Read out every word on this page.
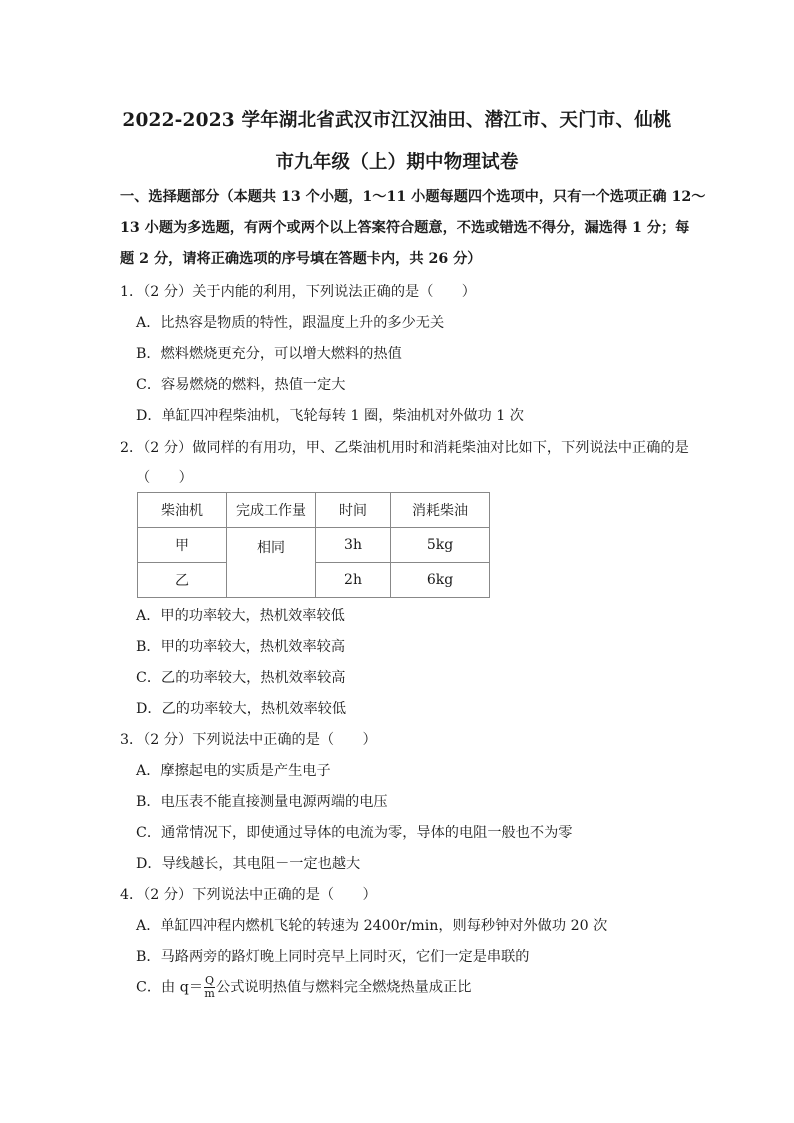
2022-2023 学年湖北省武汉市江汉油田、潜江市、天门市、仙桃
市九年级（上）期中物理试卷
一、选择题部分（本题共 13 个小题，1～11 小题每题四个选项中，只有一个选项正确 12～
13 小题为多选题，有两个或两个以上答案符合题意，不选或错选不得分，漏选得 1 分；每
题 2 分，请将正确选项的序号填在答题卡内，共 26 分）
1．（2 分）关于内能的利用，下列说法正确的是（　　）
A．比热容是物质的特性，跟温度上升的多少无关
B．燃料燃烧更充分，可以增大燃料的热值
C．容易燃烧的燃料，热值一定大
D．单缸四冲程柴油机，飞轮每转 1 圈，柴油机对外做功 1 次
2．（2 分）做同样的有用功，甲、乙柴油机用时和消耗柴油对比如下，下列说法中正确的是
（　　）
柴油机	完成工作量	时间	消耗柴油
甲	相同	3h	5kg
乙		2h	6kg
A．甲的功率较大，热机效率较低
B．甲的功率较大，热机效率较高
C．乙的功率较大，热机效率较高
D．乙的功率较大，热机效率较低
3．（2 分）下列说法中正确的是（　　）
A．摩擦起电的实质是产生电子
B．电压表不能直接测量电源两端的电压
C．通常情况下，即使通过导体的电流为零，导体的电阻一般也不为零
D．导线越长，其电阻－一定也越大
4．（2 分）下列说法中正确的是（　　）
A．单缸四冲程内燃机飞轮的转速为 2400r/min，则每秒钟对外做功 20 次
B．马路两旁的路灯晚上同时亮早上同时灭，它们一定是串联的
C．由 $q= \frac{Q}{m}$ 公式说明热值与燃料完全燃烧热量成正比
